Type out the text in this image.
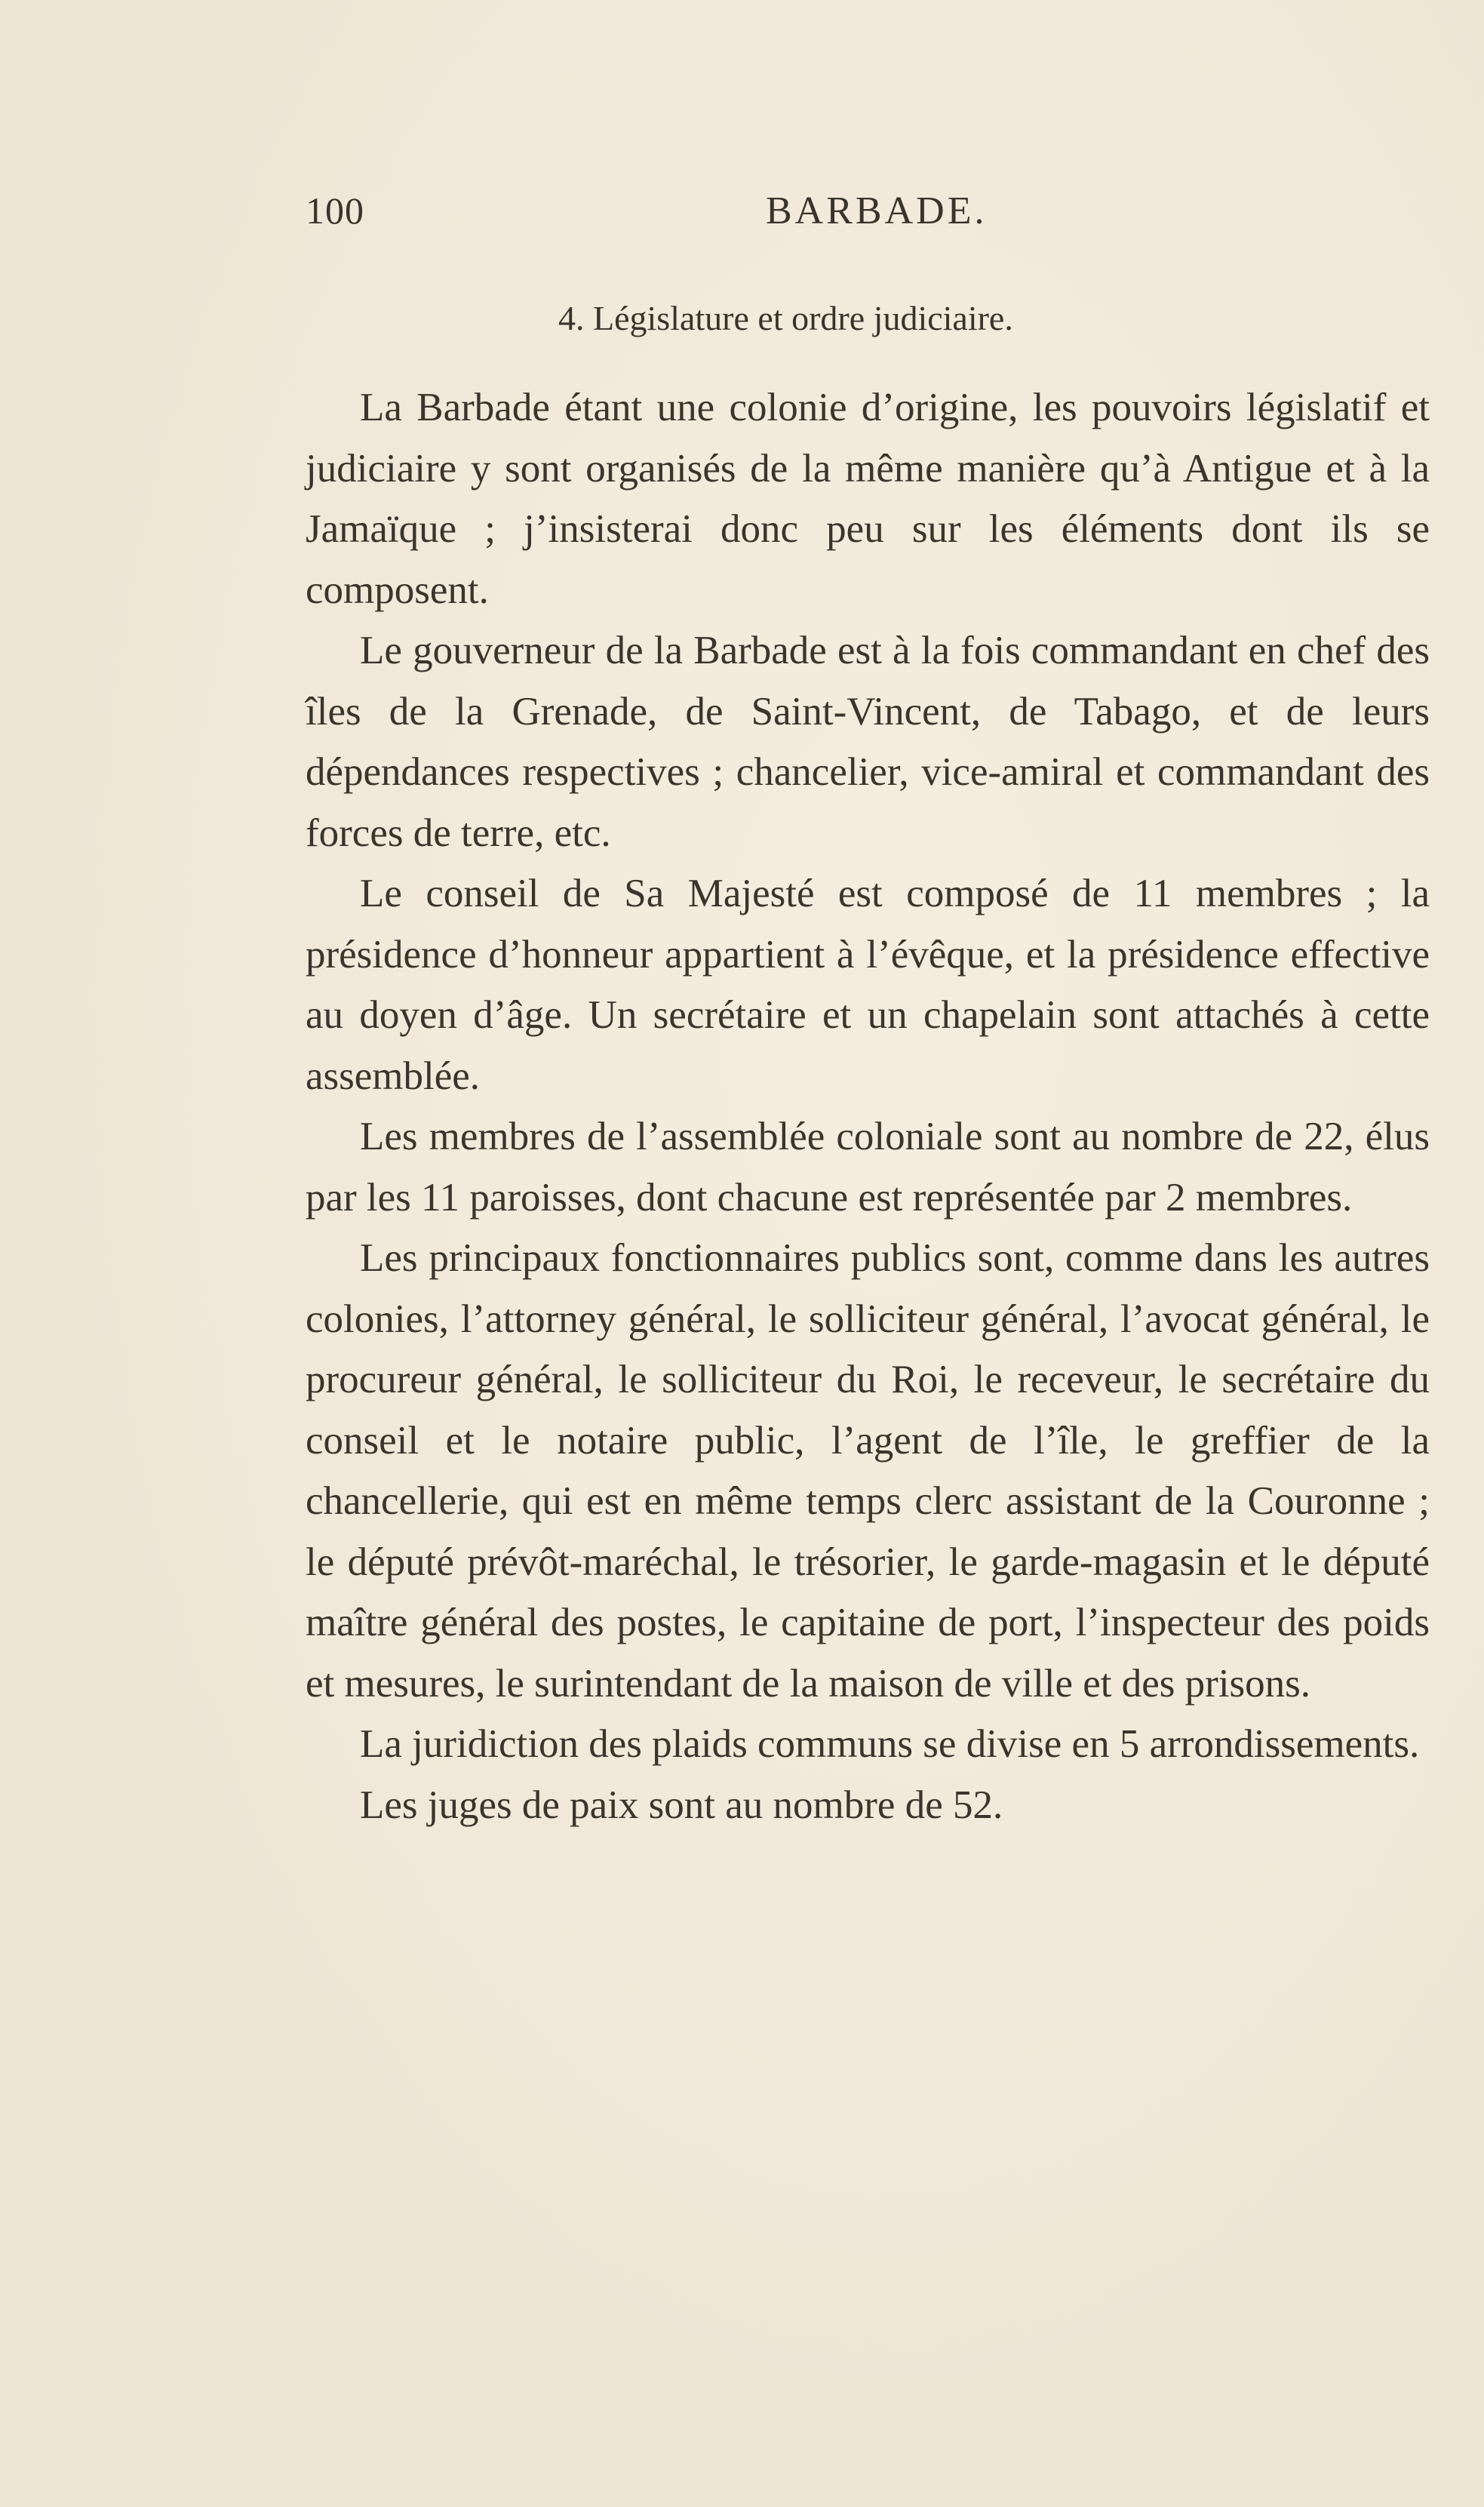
100	BARBADE.
4. Législature et ordre judiciaire.

La Barbade étant une colonie d’origine, les pouvoirs législatif et judiciaire y sont organisés de la même manière qu’à Antigue et à la Jamaïque ; j’insisterai donc peu sur les éléments dont ils se composent.

Le gouverneur de la Barbade est à la fois commandant en chef des îles de la Grenade, de Saint-Vincent, de Tabago, et de leurs dépendances respectives ; chancelier, vice-amiral et commandant des forces de terre, etc.

Le conseil de Sa Majesté est composé de 11 membres ; la présidence d’honneur appartient à l’évêque, et la présidence effective au doyen d’âge. Un secrétaire et un chapelain sont attachés à cette assemblée.

Les membres de l’assemblée coloniale sont au nombre de 22, élus par les 11 paroisses, dont chacune est représentée par 2 membres.

Les principaux fonctionnaires publics sont, comme dans les autres colonies, l’attorney général, le solliciteur général, l’avocat général, le procureur général, le solliciteur du Roi, le receveur, le secrétaire du conseil et le notaire public, l’agent de l’île, le greffier de la chancellerie, qui est en même temps clerc assistant de la Couronne ; le député prévôt-maréchal, le trésorier, le garde-magasin et le député maître général des postes, le capitaine de port, l’inspecteur des poids et mesures, le surintendant de la maison de ville et des prisons.

La juridiction des plaids communs se divise en 5 arrondissements.

Les juges de paix sont au nombre de 52.
